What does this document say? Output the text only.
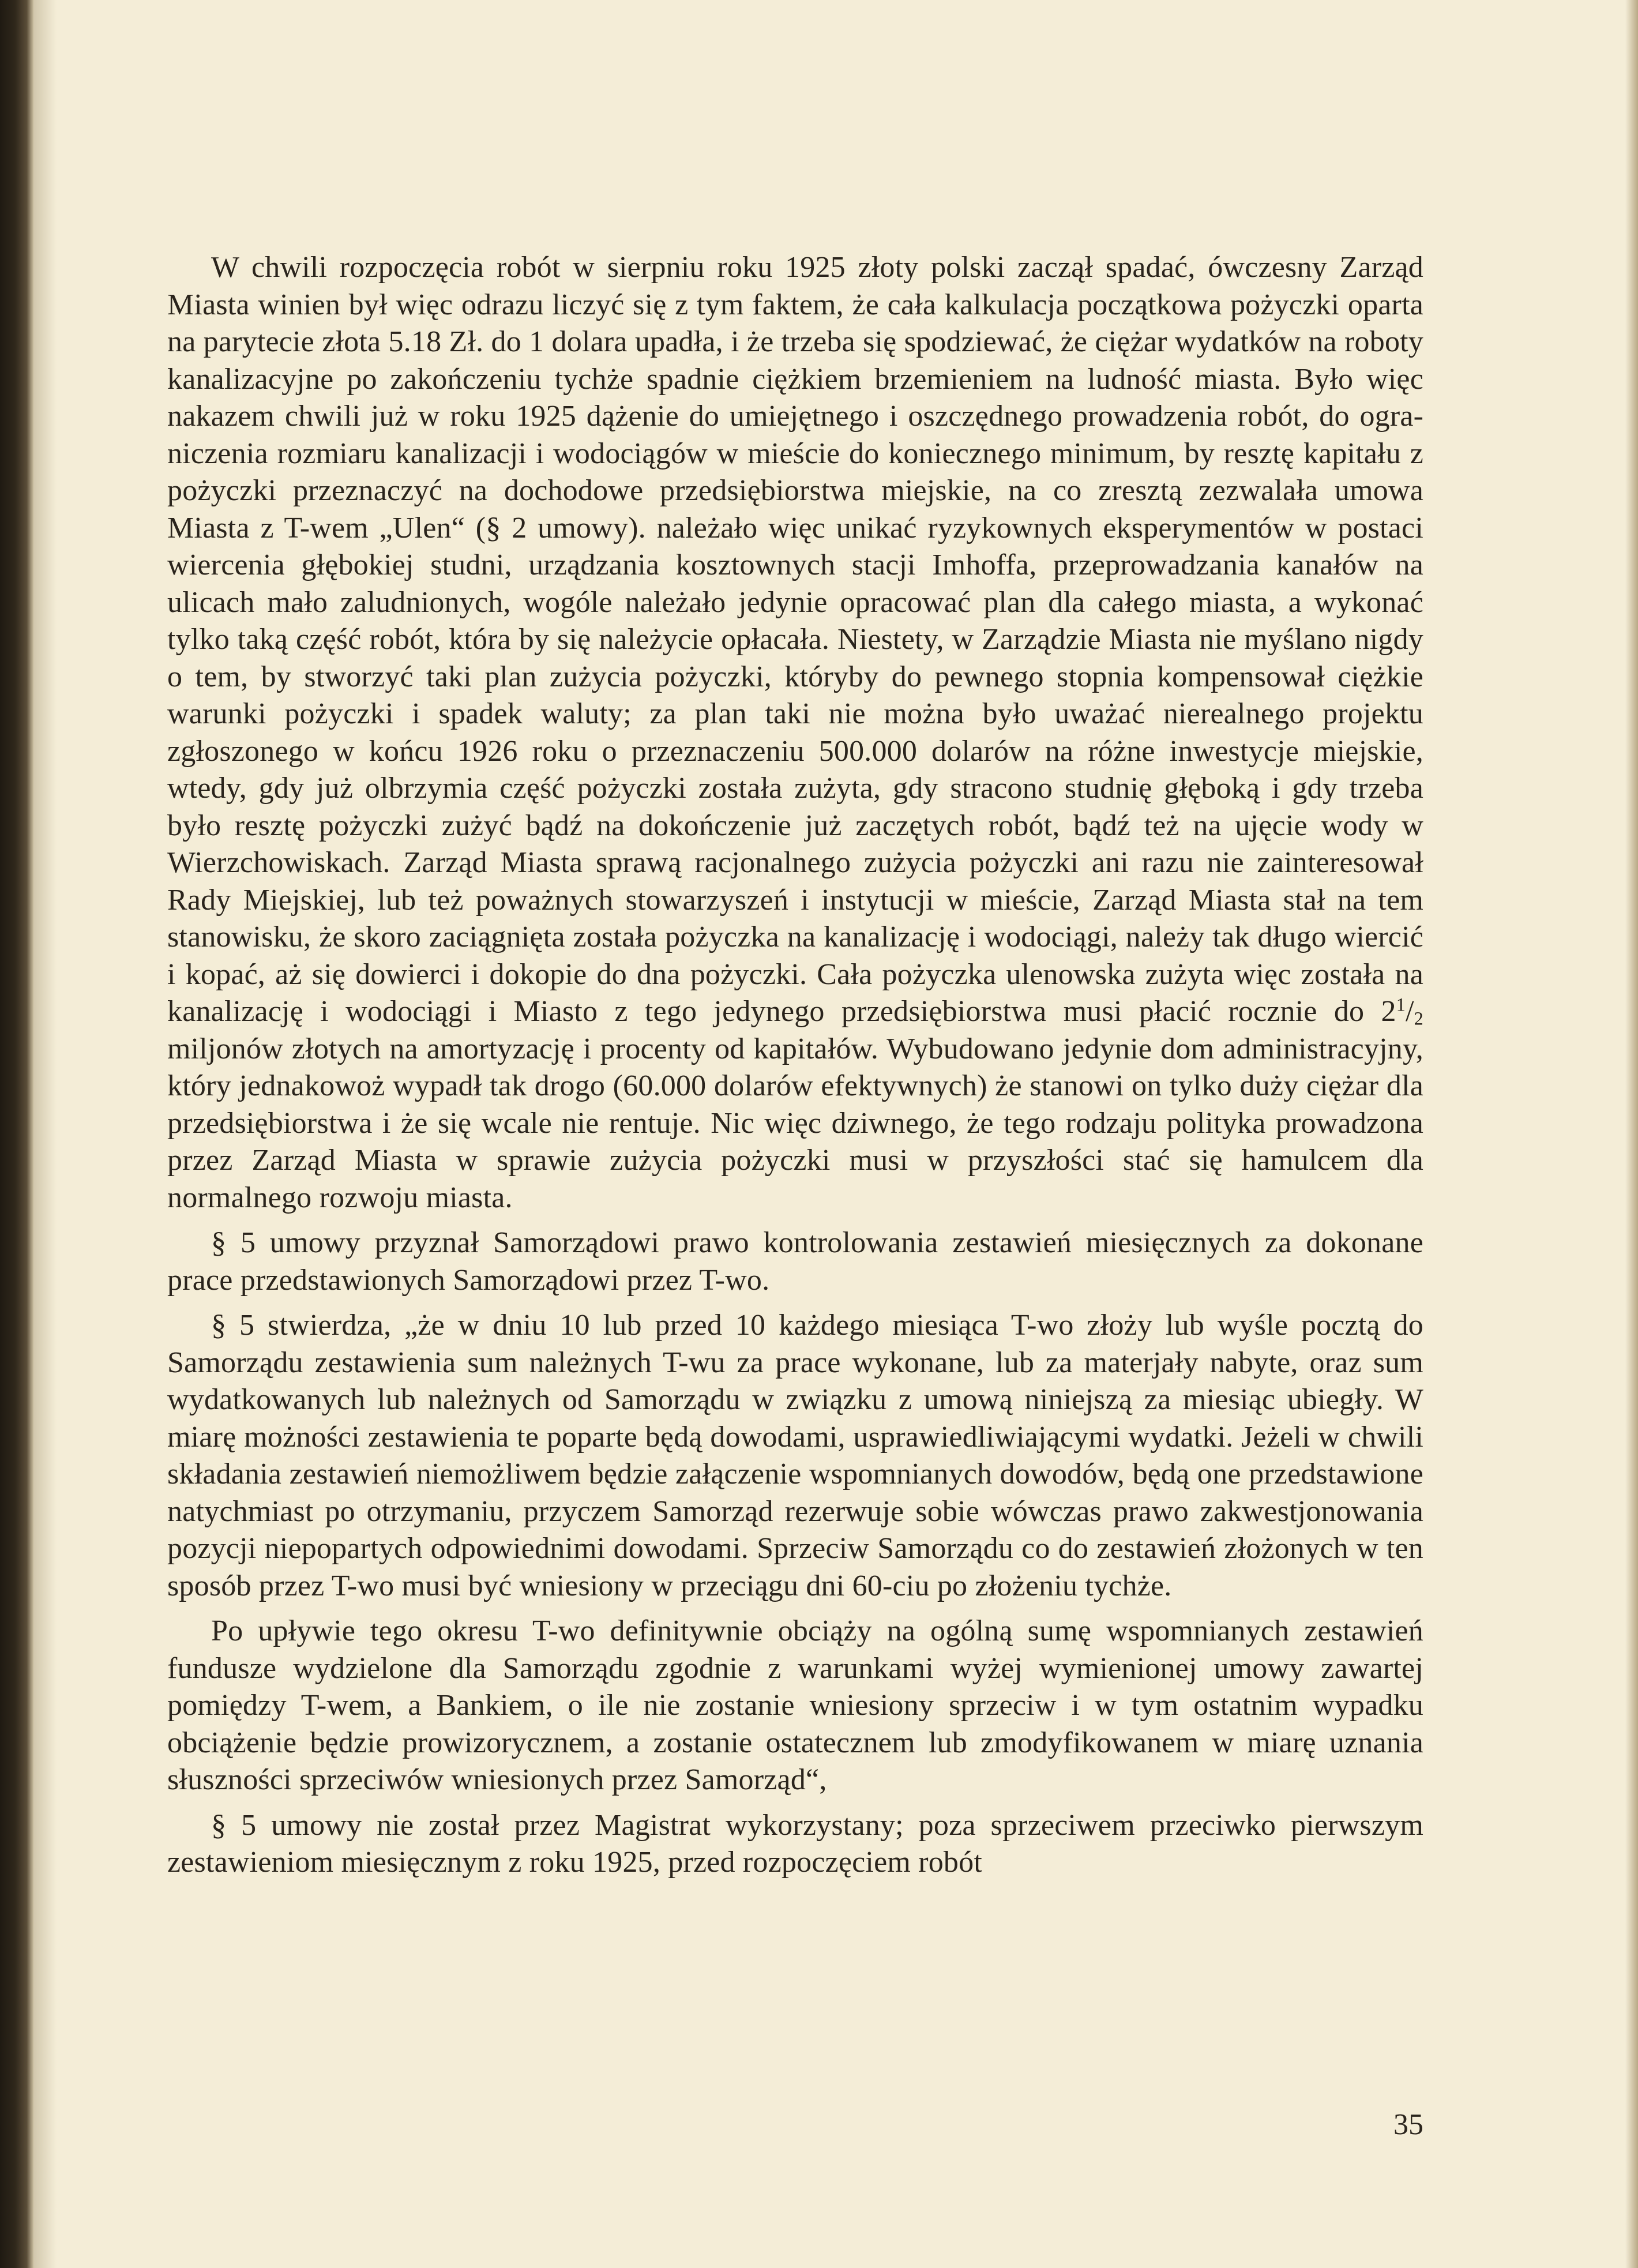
W chwili rozpoczęcia robót w sierpniu roku 1925 złoty polski zaczął spadać, ówczesny Zarząd Miasta winien był więc odrazu liczyć się z tym faktem, że cała kalkulacja początkowa pożyczki oparta na parytecie złota 5.18 Zł. do 1 dolara upadła, i że trzeba się spodziewać, że ciężar wydatków na roboty kanalizacyjne po zakończeniu tychże spadnie ciężkiem brzemieniem na ludność miasta. Było więc nakazem chwili już w roku 1925 dążenie do umiejętnego i oszczędnego prowadzenia robót, do ograniczenia rozmiaru kanalizacji i wodociągów w mieście do koniecznego minimum, by resztę kapitału z pożyczki przeznaczyć na dochodowe przedsiębiorstwa miejskie, na co zresztą zezwalała umowa Miasta z T-wem „Ulen“ (§ 2 umowy). należało więc unikać ryzykownych eksperymentów w postaci wiercenia głębokiej studni, urządzania kosztownych stacji Imhoffa, przeprowadzania kanałów na ulicach mało zaludnionych, wogóle należało jedynie opracować plan dla całego miasta, a wykonać tylko taką część robót, która by się należycie opłacała. Niestety, w Zarządzie Miasta nie myślano nigdy o tem, by stworzyć taki plan zużycia pożyczki, któryby do pewnego stopnia kompensował ciężkie warunki pożyczki i spadek waluty; za plan taki nie można było uważać nierealnego projektu zgłoszonego w końcu 1926 roku o przeznaczeniu 500.000 dolarów na różne inwestycje miejskie, wtedy, gdy już olbrzymia część pożyczki została zużyta, gdy stracono studnię głęboką i gdy trzeba było resztę pożyczki zużyć bądź na dokończenie już zaczętych robót, bądź też na ujęcie wody w Wierzchowiskach. Zarząd Miasta sprawą racjonalnego zużycia pożyczki ani razu nie zainteresował Rady Miejskiej, lub też poważnych stowarzyszeń i instytucji w mieście, Zarząd Miasta stał na tem stanowisku, że skoro zaciągnięta została pożyczka na kanalizację i wodociągi, należy tak długo wiercić i kopać, aż się dowierci i dokopie do dna pożyczki. Cała pożyczka ulenowska zużyta więc została na kanalizację i wodociągi i Miasto z tego jedynego przedsiębiorstwa musi płacić rocznie do $2^1/_2$ miljonów złotych na amortyzację i procenty od kapitałów. Wybudowano jedynie dom administracyjny, który jednakowoż wypadł tak drogo (60.000 dolarów efektywnych) że stanowi on tylko duży ciężar dla przedsiębiorstwa i że się wcale nie rentuje. Nic więc dziwnego, że tego rodzaju polityka prowadzona przez Zarząd Miasta w sprawie zużycia pożyczki musi w przyszłości stać się hamulcem dla normalnego rozwoju miasta.

§ 5 umowy przyznał Samorządowi prawo kontrolowania zestawień miesięcznych za dokonane prace przedstawionych Samorządowi przez T-wo.

§ 5 stwierdza, „że w dniu 10 lub przed 10 każdego miesiąca T-wo złoży lub wyśle pocztą do Samorządu zestawienia sum należnych T-wu za prace wykonane, lub za materjały nabyte, oraz sum wydatkowanych lub należnych od Samorządu w związku z umową niniejszą za miesiąc ubiegły. W miarę możności zestawienia te poparte będą dowodami, usprawiedliwiającymi wydatki. Jeżeli w chwili składania zestawień niemożliwem będzie załączenie wspomnianych dowodów, będą one przedstawione natychmiast po otrzymaniu, przyczem Samorząd rezerwuje sobie wówczas prawo zakwestjonowania pozycji niepopartych odpowiednimi dowodami. Sprzeciw Samorządu co do zestawień złożonych w ten sposób przez T-wo musi być wniesiony w przeciągu dni 60-ciu po złożeniu tychże.

Po upływie tego okresu T-wo definitywnie obciąży na ogólną sumę wspomnianych zestawień fundusze wydzielone dla Samorządu zgodnie z warunkami wyżej wymienionej umowy zawartej pomiędzy T-wem, a Bankiem, o ile nie zostanie wniesiony sprzeciw i w tym ostatnim wypadku obciążenie będzie prowizorycznem, a zostanie ostatecznem lub zmodyfikowanem w miarę uznania słuszności sprzeciwów wniesionych przez Samorząd“,

§ 5 umowy nie został przez Magistrat wykorzystany; poza sprzeciwem przeciwko pierwszym zestawieniom miesięcznym z roku 1925, przed rozpoczęciem robót

35
